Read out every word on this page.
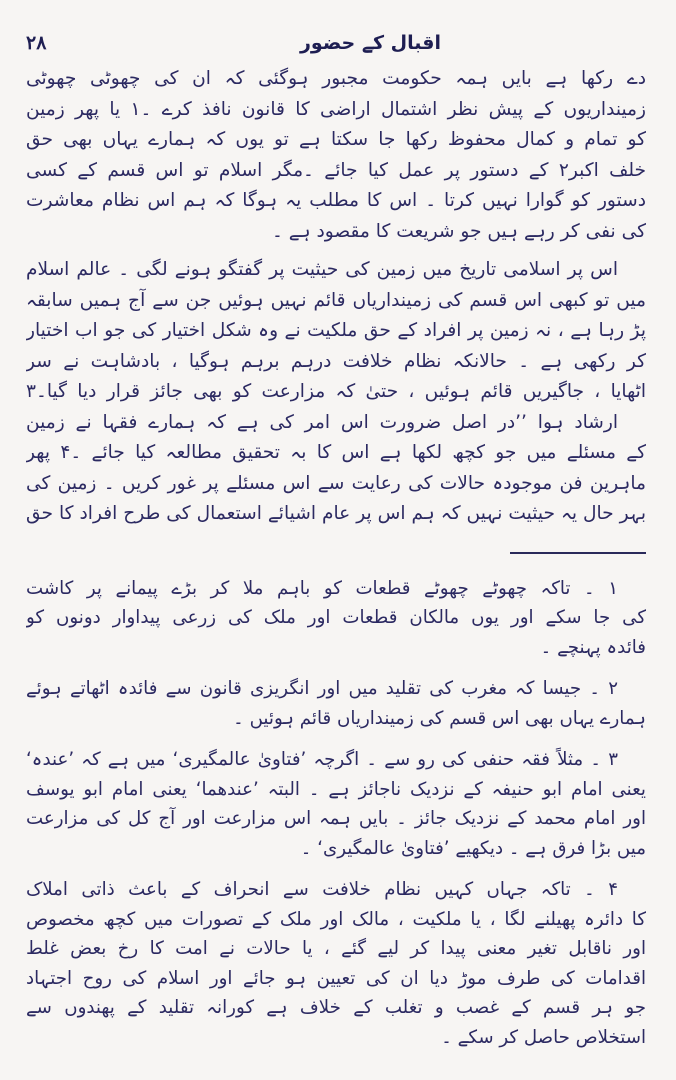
۲۸	اقبال کے حضور
دے رکھا ہے بایں ہمہ حکومت مجبور ہوگئی کہ ان کی چھوٹی چھوٹی
زمینداریوں کے پیش نظر اشتمال اراضی کا قانون نافذ کرے ۔۱ یا پھر زمین
کو تمام و کمال محفوظ رکھا جا سکتا ہے تو یوں کہ ہمارے یہاں بھی حق
خلف اکبر۲ کے دستور پر عمل کیا جائے ۔مگر اسلام تو اس قسم کے کسی
دستور کو گوارا نہیں کرتا ۔ اس کا مطلب یہ ہوگا کہ ہم اس نظام معاشرت
کی نفی کر رہے ہیں جو شریعت کا مقصود ہے ۔
اس پر اسلامی تاریخ میں زمین کی حیثیت پر گفتگو ہونے لگی ۔ عالم اسلام
میں تو کبھی اس قسم کی زمینداریاں قائم نہیں ہوئیں جن سے آج ہمیں سابقہ
پڑ رہا ہے ، نہ زمین پر افراد کے حق ملکیت نے وہ شکل اختیار کی جو اب اختیار
کر رکھی ہے ۔ حالانکہ نظام خلافت درہم برہم ہوگیا ، بادشاہت نے سر
اٹھایا ، جاگیریں قائم ہوئیں ، حتیٰ کہ مزارعت کو بھی جائز قرار دیا گیا۔۳
ارشاد ہوا ’’در اصل ضرورت اس امر کی ہے کہ ہمارے فقہا نے زمین
کے مسئلے میں جو کچھ لکھا ہے اس کا بہ تحقیق مطالعہ کیا جائے ۔۴ پھر
ماہرین فن موجودہ حالات کی رعایت سے اس مسئلے پر غور کریں ۔ زمین کی
بہر حال یہ حیثیت نہیں کہ ہم اس پر عام اشیائے استعمال کی طرح افراد کا حق
۱ ۔ تاکہ چھوٹے چھوٹے قطعات کو باہم ملا کر بڑے پیمانے پر کاشت
کی جا سکے اور یوں مالکان قطعات اور ملک کی زرعی پیداوار دونوں کو
فائدہ پہنچے ۔
۲ ۔ جیسا کہ مغرب کی تقلید میں اور انگریزی قانون سے فائدہ اٹھاتے ہوئے
ہمارے یہاں بھی اس قسم کی زمینداریاں قائم ہوئیں ۔
۳ ۔ مثلاً فقہ حنفی کی رو سے ۔ اگرچہ ’فتاویٰ عالمگیری‘ میں ہے کہ ’عندہ‘
یعنی امام ابو حنیفہ کے نزدیک ناجائز ہے ۔ البتہ ’عندھما‘ یعنی امام ابو یوسف
اور امام محمد کے نزدیک جائز ۔ بایں ہمہ اس مزارعت اور آج کل کی مزارعت
میں بڑا فرق ہے ۔ دیکھیے ’فتاویٰ عالمگیری‘ ۔
۴ ۔ تاکہ جہاں کہیں نظام خلافت سے انحراف کے باعث ذاتی املاک
کا دائرہ پھیلنے لگا ، یا ملکیت ، مالک اور ملک کے تصورات میں کچھ مخصوص
اور ناقابل تغیر معنی پیدا کر لیے گئے ، یا حالات نے امت کا رخ بعض غلط
اقدامات کی طرف موڑ دیا ان کی تعیین ہو جائے اور اسلام کی روح اجتہاد
جو ہر قسم کے غصب و تغلب کے خلاف ہے کورانہ تقلید کے پھندوں سے
استخلاص حاصل کر سکے ۔
